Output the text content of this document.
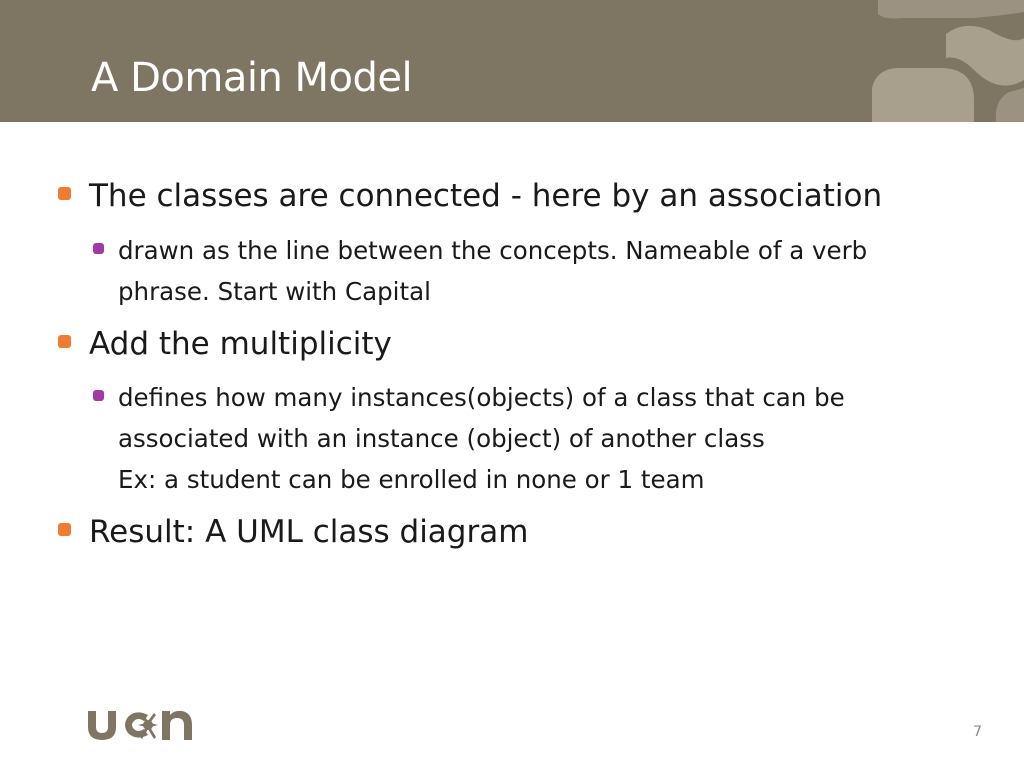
A Domain Model
The classes are connected - here by an association
drawn as the line between the concepts. Nameable of a verb
phrase. Start with Capital
Add the multiplicity
defines how many instances(objects) of a class that can be
associated with an instance (object) of another class
Ex: a student can be enrolled in none or 1 team
Result: A UML class diagram
7
